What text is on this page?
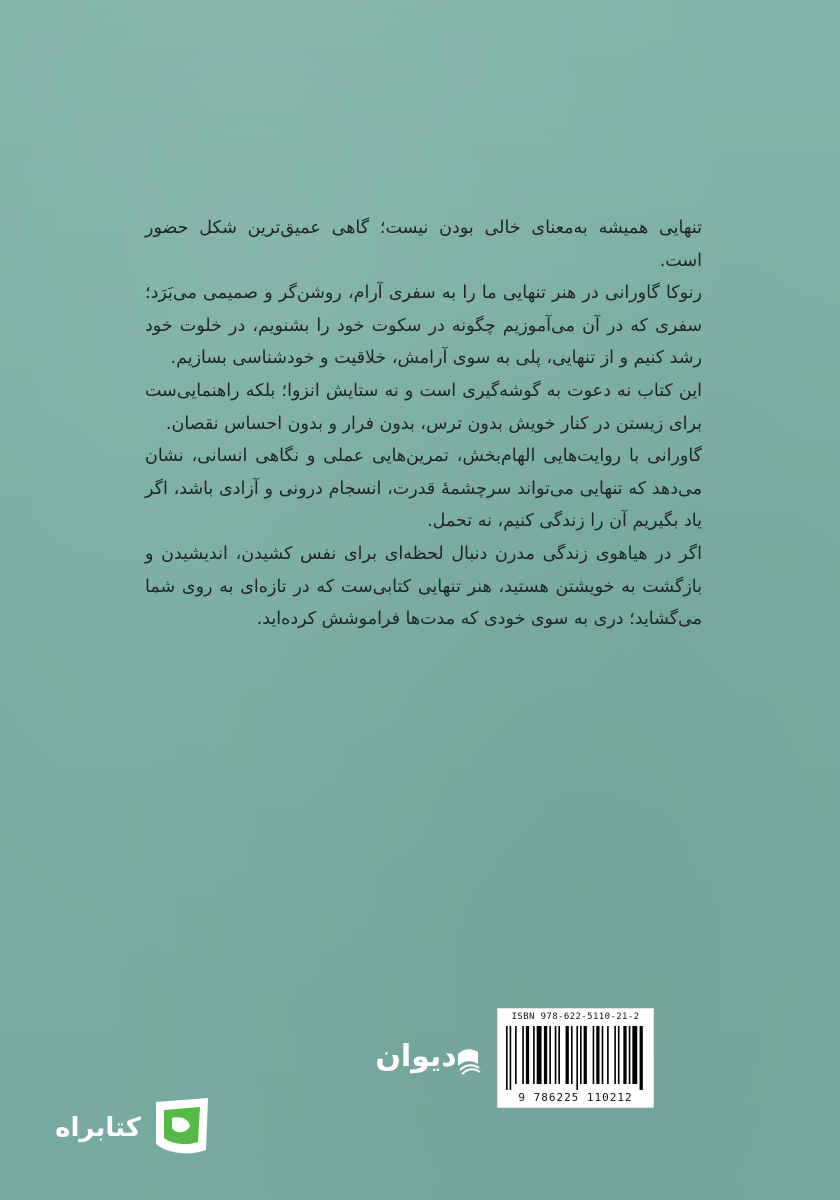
تنهایی همیشه به‌معنای خالی بودن نیست؛ گاهی عمیق‌ترین شکل حضور است.

رنوکا گاورانی در هنر تنهایی ما را به سفری آرام، روشن‌گر و صمیمی می‌بَرَد؛ سفری که در آن می‌آموزیم چگونه در سکوت خود را بشنویم، در خلوت خود رشد کنیم و از تنهایی، پلی به سوی آرامش، خلاقیت و خودشناسی بسازیم.

این کتاب نه دعوت به گوشه‌گیری است و نه ستایش انزوا؛ بلکه راهنمایی‌ست برای زیستن در کنار خویش بدون ترس، بدون فرار و بدون احساس نقصان.

گاورانی با روایت‌هایی الهام‌بخش، تمرین‌هایی عملی و نگاهی انسانی، نشان می‌دهد که تنهایی می‌تواند سرچشمهٔ قدرت، انسجام درونی و آزادی باشد، اگر یاد بگیریم آن را زندگی کنیم، نه تحمل.

اگر در هیاهوی زندگی مدرن دنبال لحظه‌ای برای نفس کشیدن، اندیشیدن و بازگشت به خویشتن هستید، هنر تنهایی کتابی‌ست که در تازه‌ای به روی شما می‌گشاید؛ دری به سوی خودی که مدت‌ها فراموشش کرده‌اید.

دیوان
ISBN 978-622-5110-21-2
9 786225 110212
کتابراه
